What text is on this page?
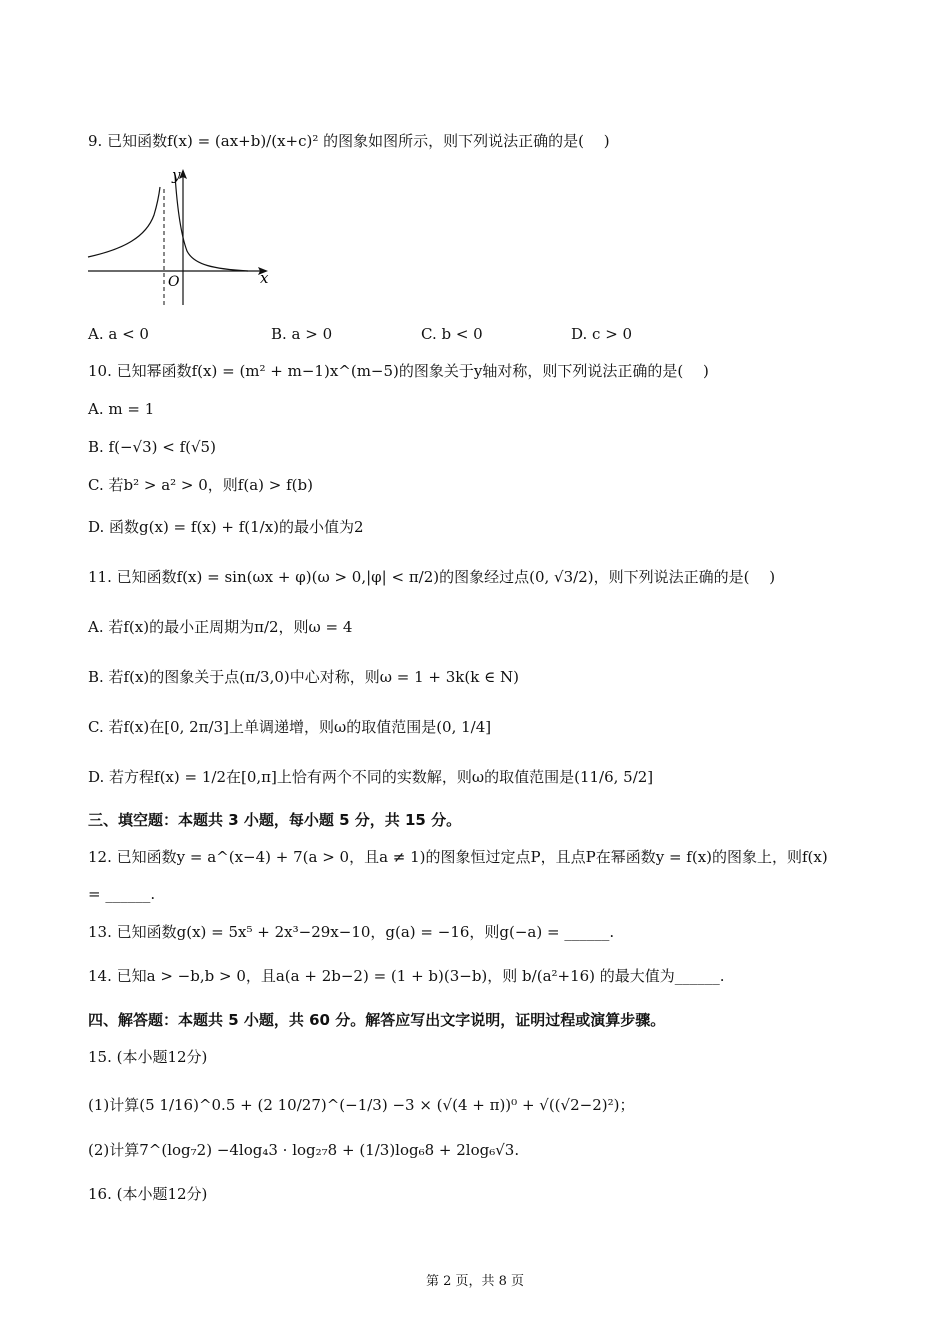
9. 已知函数f(x) = (ax+b)/(x+c)² 的图象如图所示，则下列说法正确的是(　 )
O
y
x
A. a < 0	B. a > 0	C. b < 0	D. c > 0
10. 已知幂函数f(x) = (m² + m−1)x^(m−5)的图象关于y轴对称，则下列说法正确的是(　 )
A. m = 1
B. f(−√3) < f(√5)
C. 若b² > a² > 0，则f(a) > f(b)
D. 函数g(x) = f(x) + f(1/x)的最小值为2
11. 已知函数f(x) = sin(ωx + φ)(ω > 0,|φ| < π/2)的图象经过点(0, √3/2)，则下列说法正确的是(　 )
A. 若f(x)的最小正周期为π/2，则ω = 4
B. 若f(x)的图象关于点(π/3,0)中心对称，则ω = 1 + 3k(k ∈ N)
C. 若f(x)在[0, 2π/3]上单调递增，则ω的取值范围是(0, 1/4]
D. 若方程f(x) = 1/2在[0,π]上恰有两个不同的实数解，则ω的取值范围是(11/6, 5/2]
三、填空题：本题共 3 小题，每小题 5 分，共 15 分。
12. 已知函数y = a^(x−4) + 7(a > 0，且a ≠ 1)的图象恒过定点P，且点P在幂函数y = f(x)的图象上，则f(x)
= ______.
13. 已知函数g(x) = 5x⁵ + 2x³−29x−10，g(a) = −16，则g(−a) = ______.
14. 已知a > −b,b > 0，且a(a + 2b−2) = (1 + b)(3−b)，则 b/(a²+16) 的最大值为______.
四、解答题：本题共 5 小题，共 60 分。解答应写出文字说明，证明过程或演算步骤。
15. (本小题12分)
(1)计算(5 1/16)^0.5 + (2 10/27)^(−1/3) −3 × (√(4 + π))⁰ + √((√2−2)²)；
(2)计算7^(log₇2) −4log₄3 · log₂₇8 + (1/3)log₆8 + 2log₆√3.
16. (本小题12分)
第 2 页，共 8 页
